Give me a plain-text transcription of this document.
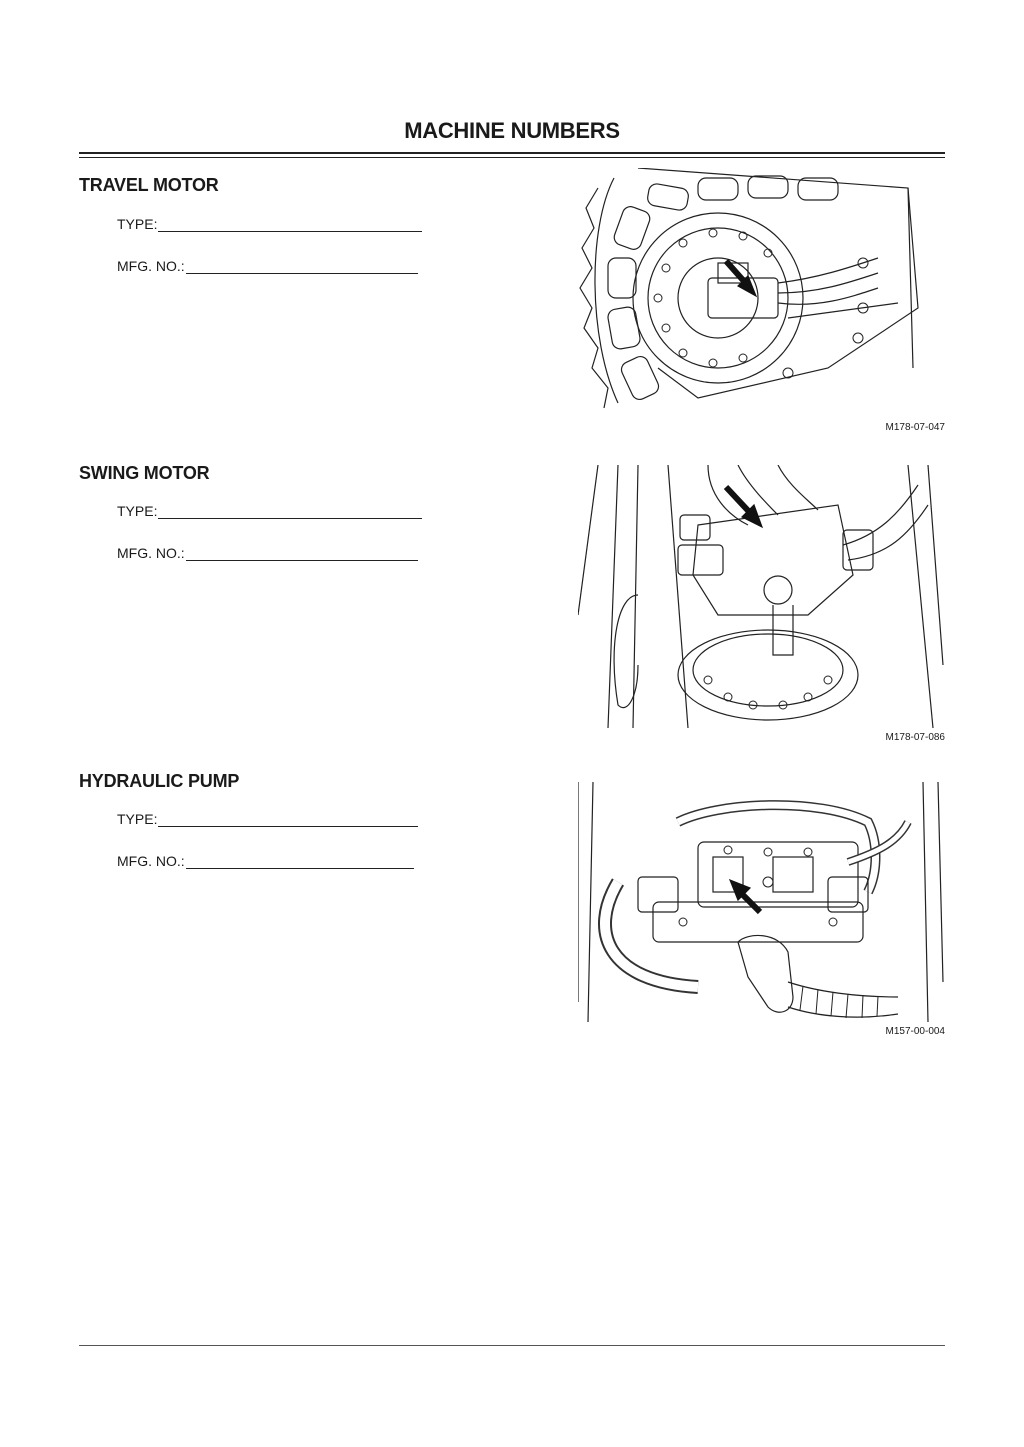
MACHINE NUMBERS
TRAVEL MOTOR
TYPE:
MFG. NO.:
M178-07-047
SWING MOTOR
TYPE:
MFG. NO.:
M178-07-086
HYDRAULIC PUMP
TYPE:
MFG. NO.:
M157-00-004
